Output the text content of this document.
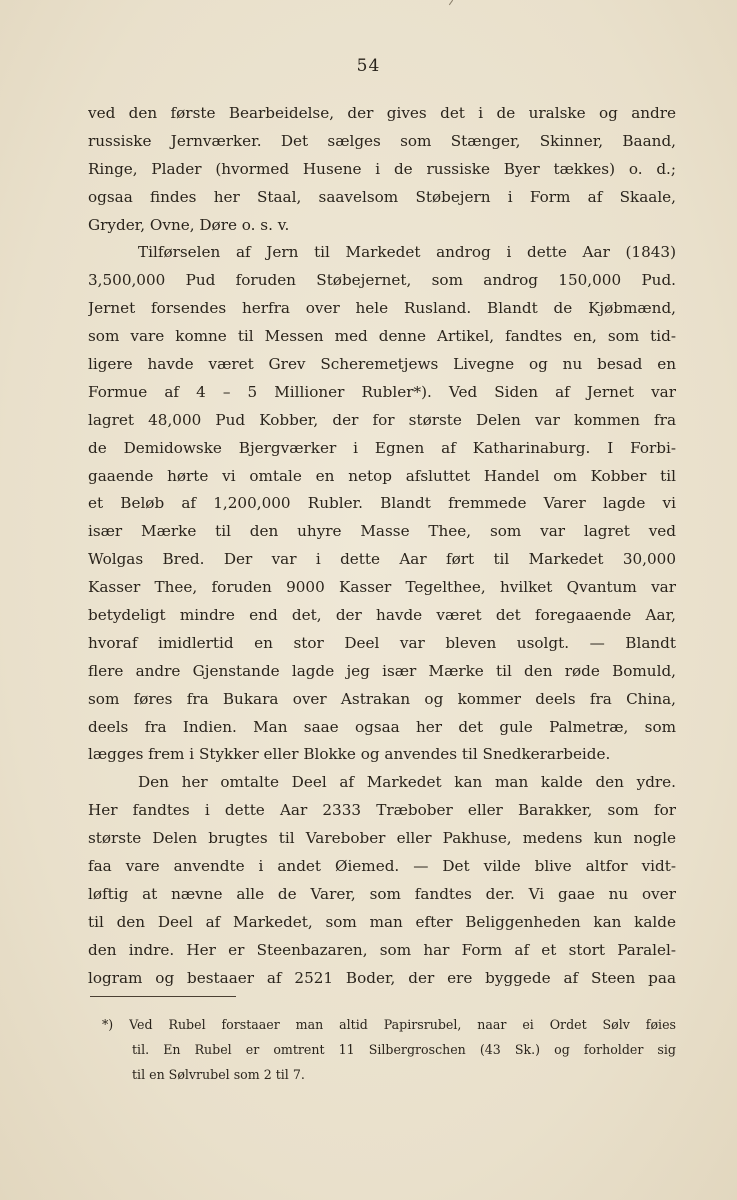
54
ved den første Bearbeidelse, der gives det i de uralske og andre
russiske Jernværker. Det sælges som Stænger, Skinner, Baand,
Ringe, Plader (hvormed Husene i de russiske Byer tækkes) o. d.;
ogsaa findes her Staal, saavelsom Støbejern i Form af Skaale,
Gryder, Ovne, Døre o. s. v.
Tilførselen af Jern til Markedet androg i dette Aar (1843)
3,500,000 Pud foruden Støbejernet, som androg 150,000 Pud.
Jernet forsendes herfra over hele Rusland. Blandt de Kjøbmænd,
som vare komne til Messen med denne Artikel, fandtes en, som tid-
ligere havde været Grev Scheremetjews Livegne og nu besad en
Formue af 4 – 5 Millioner Rubler*). Ved Siden af Jernet var
lagret 48,000 Pud Kobber, der for største Delen var kommen fra
de Demidowske Bjergværker i Egnen af Katharinaburg. I Forbi-
gaaende hørte vi omtale en netop afsluttet Handel om Kobber til
et Beløb af 1,200,000 Rubler. Blandt fremmede Varer lagde vi
især Mærke til den uhyre Masse Thee, som var lagret ved
Wolgas Bred. Der var i dette Aar ført til Markedet 30,000
Kasser Thee, foruden 9000 Kasser Tegelthee, hvilket Qvantum var
betydeligt mindre end det, der havde været det foregaaende Aar,
hvoraf imidlertid en stor Deel var bleven usolgt. — Blandt
flere andre Gjenstande lagde jeg især Mærke til den røde Bomuld,
som føres fra Bukara over Astrakan og kommer deels fra China,
deels fra Indien. Man saae ogsaa her det gule Palmetræ, som
lægges frem i Stykker eller Blokke og anvendes til Snedkerarbeide.
Den her omtalte Deel af Markedet kan man kalde den ydre.
Her fandtes i dette Aar 2333 Træbober eller Barakker, som for
største Delen brugtes til Varebober eller Pakhuse, medens kun nogle
faa vare anvendte i andet Øiemed. — Det vilde blive altfor vidt-
løftig at nævne alle de Varer, som fandtes der. Vi gaae nu over
til den Deel af Markedet, som man efter Beliggenheden kan kalde
den indre. Her er Steenbazaren, som har Form af et stort Paralel-
logram og bestaaer af 2521 Boder, der ere byggede af Steen paa
*) Ved Rubel forstaaer man altid Papirsrubel, naar ei Ordet Sølv føies
til. En Rubel er omtrent 11 Silbergroschen (43 Sk.) og forholder sig
til en Sølvrubel som 2 til 7.
